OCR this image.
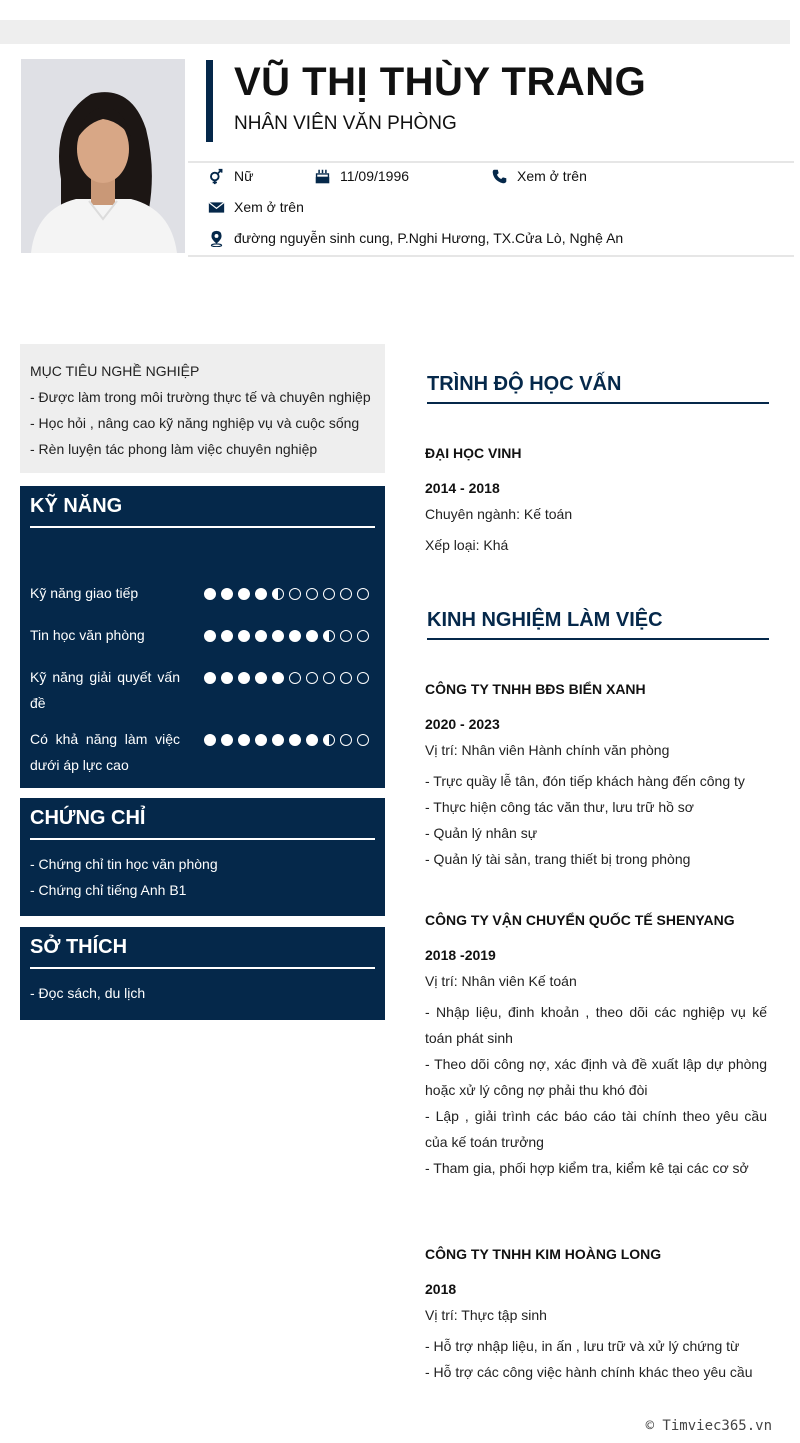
VŨ THỊ THÙY TRANG
NHÂN VIÊN VĂN PHÒNG
Nữ	11/09/1996	Xem ở trên
Xem ở trên
đường nguyễn sinh cung, P.Nghi Hương, TX.Cửa Lò, Nghệ An

MỤC TIÊU NGHỀ NGHIỆP

- Được làm trong môi trường thực tế và chuyên nghiệp

- Học hỏi , nâng cao kỹ năng nghiệp vụ và cuộc sống

- Rèn luyện tác phong làm việc chuyên nghiệp

KỸ NĂNG
Kỹ năng giao tiếp
Tin học văn phòng
Kỹ năng giải quyết vấn đề
Có khả năng làm việc dưới áp lực cao
CHỨNG CHỈ

- Chứng chỉ tin học văn phòng

- Chứng chỉ tiếng Anh B1

SỞ THÍCH

- Đọc sách, du lịch

TRÌNH ĐỘ HỌC VẤN
ĐẠI HỌC VINH
2014 - 2018
Chuyên ngành: Kế toán
Xếp loại: Khá
KINH NGHIỆM LÀM VIỆC
CÔNG TY TNHH BĐS BIỂN XANH
2020 - 2023
Vị trí: Nhân viên Hành chính văn phòng
- Trực quầy lễ tân, đón tiếp khách hàng đến công ty
- Thực hiện công tác văn thư, lưu trữ hồ sơ
- Quản lý nhân sự
- Quản lý tài sản, trang thiết bị trong phòng
CÔNG TY VẬN CHUYỂN QUỐC TẾ SHENYANG
2018 -2019
Vị trí: Nhân viên Kế toán
- Nhập liệu, đinh khoản , theo dõi các nghiệp vụ kế toán phát sinh
- Theo dõi công nợ, xác định và đề xuất lập dự phòng hoặc xử lý công nợ phải thu khó đòi
- Lập , giải trình các báo cáo tài chính theo yêu cầu của kế toán trưởng
- Tham gia, phối hợp kiểm tra, kiểm kê tại các cơ sở
CÔNG TY TNHH KIM HOÀNG LONG
2018
Vị trí: Thực tập sinh
- Hỗ trợ nhập liệu, in ấn , lưu trữ và xử lý chứng từ
- Hỗ trợ các công việc hành chính khác theo yêu cầu
© Timviec365.vn
